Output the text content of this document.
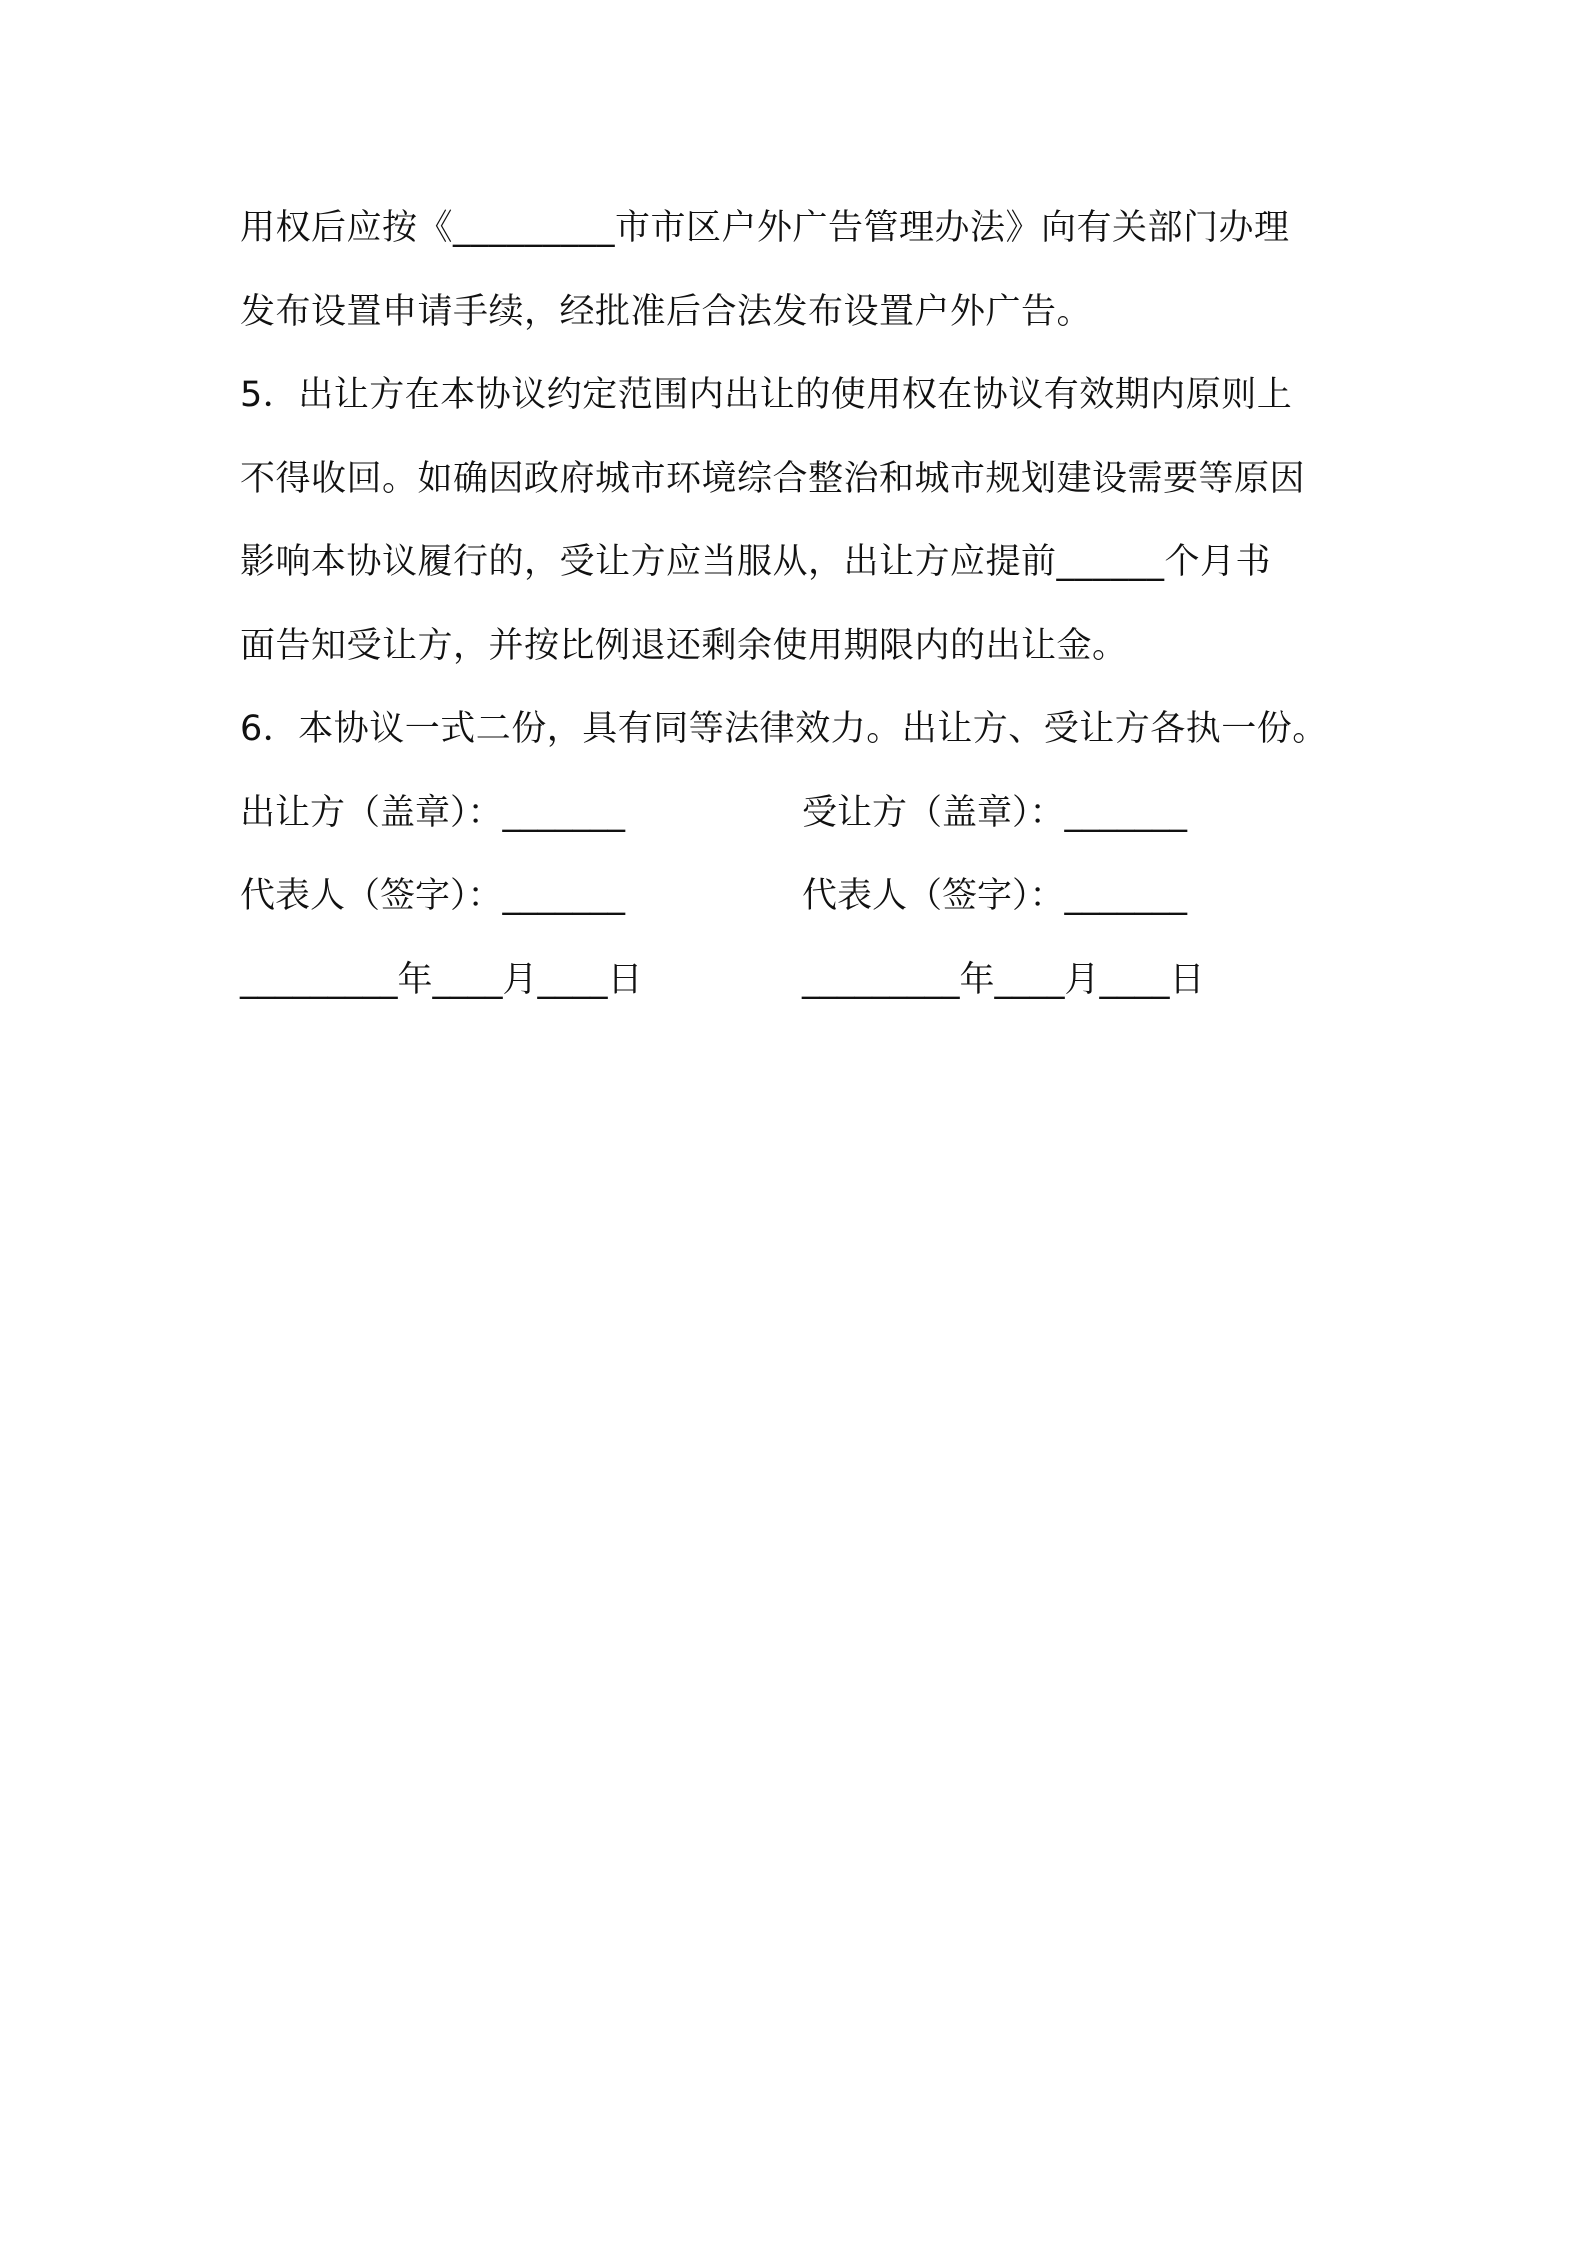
用权后应按《_________市市区户外广告管理办法》向有关部门办理
发布设置申请手续，经批准后合法发布设置户外广告。
5．出让方在本协议约定范围内出让的使用权在协议有效期内原则上
不得收回。如确因政府城市环境综合整治和城市规划建设需要等原因
影响本协议履行的，受让方应当服从，出让方应提前______个月书
面告知受让方，并按比例退还剩余使用期限内的出让金。
6．本协议一式二份，具有同等法律效力。出让方、受让方各执一份。
出让方（盖章）：_______	受让方（盖章）：_______
代表人（签字）：_______	代表人（签字）：_______
_________年____月____日	_________年____月____日
